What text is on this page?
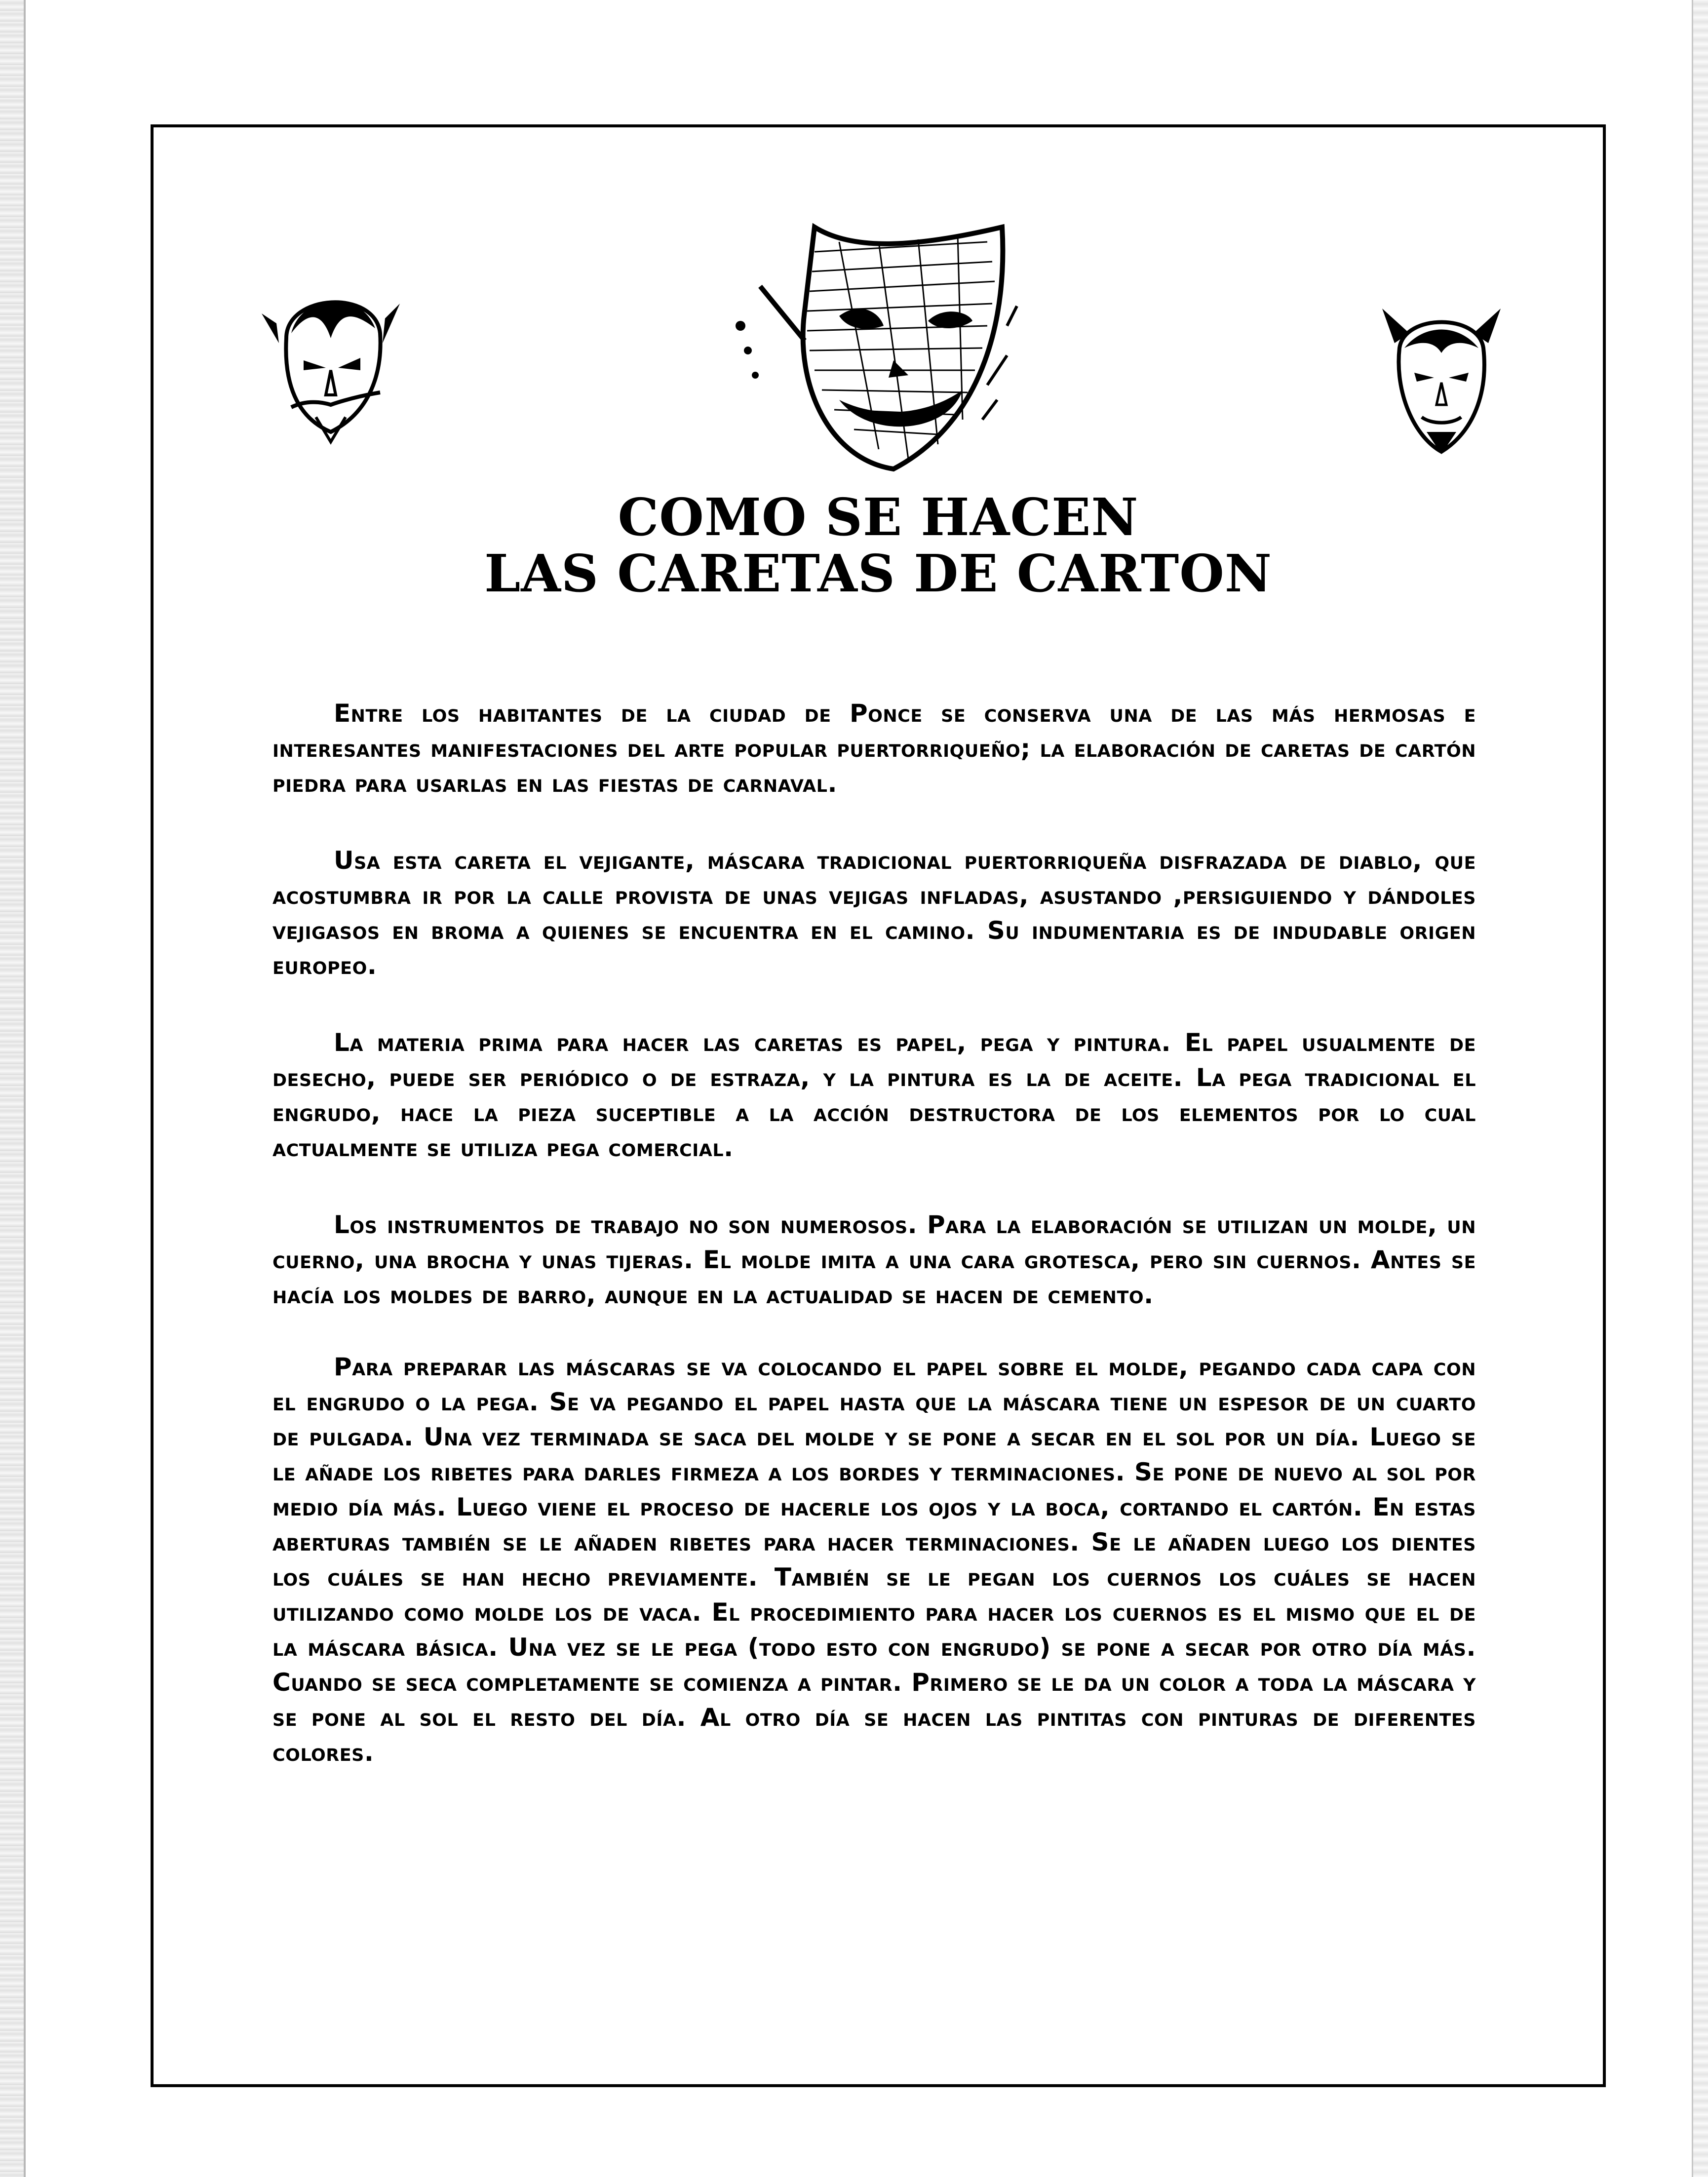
COMO SE HACEN
LAS CARETAS DE CARTON

Entre los habitantes de la ciudad de Ponce se conserva una de las más hermosas e interesantes manifestaciones del arte popular puertorriqueño; la elaboración de caretas de cartón piedra para usarlas en las fiestas de carnaval.

Usa esta careta el vejigante, máscara tradicional puertorriqueña disfrazada de diablo, que acostumbra ir por la calle provista de unas vejigas infladas, asustando ,persiguiendo y dándoles vejigasos en broma a quienes se encuentra en el camino. Su indumentaria es de indudable origen europeo.

La materia prima para hacer las caretas es papel, pega y pintura. El papel usualmente de desecho, puede ser periódico o de estraza, y la pintura es la de aceite. La pega tradicional el engrudo, hace la pieza suceptible a la acción destructora de los elementos por lo cual actualmente se utiliza pega comercial.

Los instrumentos de trabajo no son numerosos. Para la elaboración se utilizan un molde, un cuerno, una brocha y unas tijeras. El molde imita a una cara grotesca, pero sin cuernos. Antes se hacía los moldes de barro, aunque en la actualidad se hacen de cemento.

Para preparar las máscaras se va colocando el papel sobre el molde, pegando cada capa con el engrudo o la pega. Se va pegando el papel hasta que la máscara tiene un espesor de un cuarto de pulgada. Una vez terminada se saca del molde y se pone a secar en el sol por un día. Luego se le añade los ribetes para darles firmeza a los bordes y terminaciones. Se pone de nuevo al sol por medio día más. Luego viene el proceso de hacerle los ojos y la boca, cortando el cartón. En estas aberturas también se le añaden ribetes para hacer terminaciones. Se le añaden luego los dientes los cuáles se han hecho previamente. También se le pegan los cuernos los cuáles se hacen utilizando como molde los de vaca. El procedimiento para hacer los cuernos es el mismo que el de la máscara básica. Una vez se le pega (todo esto con engrudo) se pone a secar por otro día más. Cuando se seca completamente se comienza a pintar. Primero se le da un color a toda la máscara y se pone al sol el resto del día. Al otro día se hacen las pintitas con pinturas de diferentes colores.
